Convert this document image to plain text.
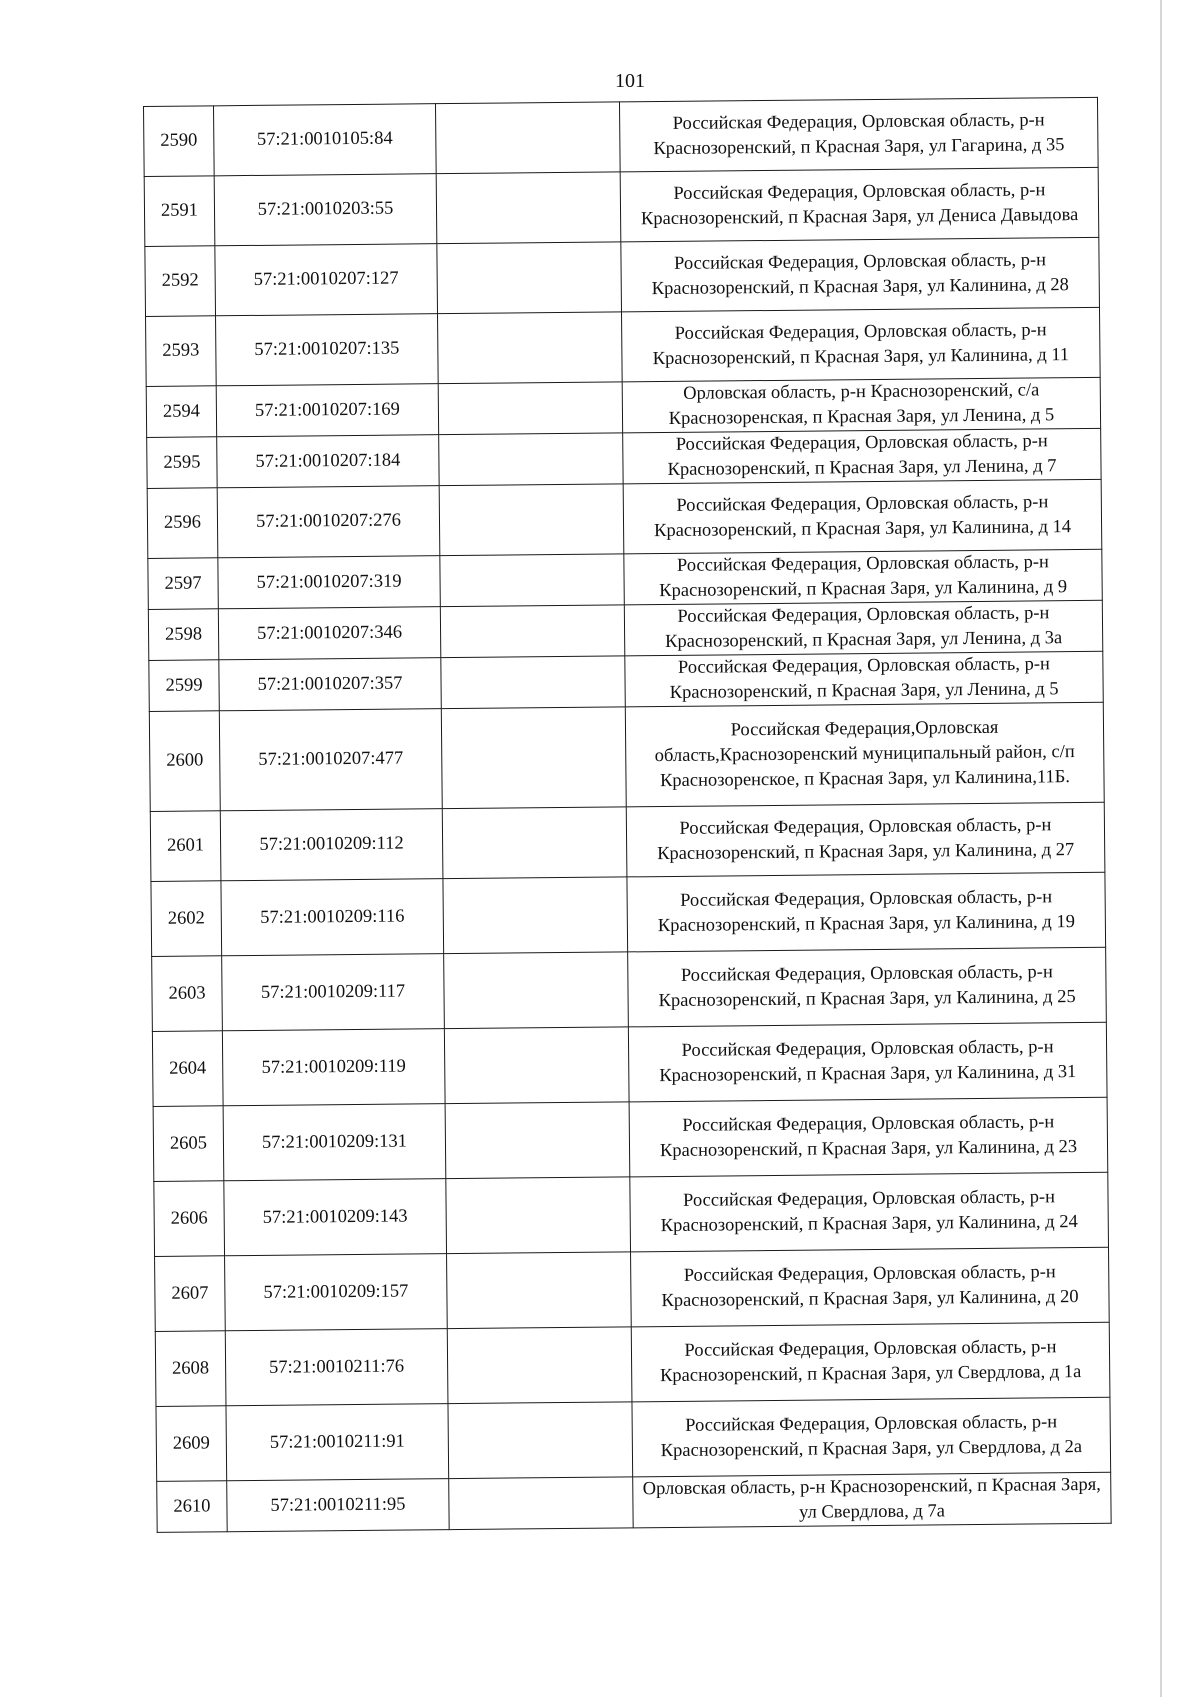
101
2590	57:21:0010105:84		Российская Федерация, Орловская область, р-н Краснозоренский, п Красная Заря, ул Гагарина, д 35
2591	57:21:0010203:55		Российская Федерация, Орловская область, р-н Краснозоренский, п Красная Заря, ул Дениса Давыдова
2592	57:21:0010207:127		Российская Федерация, Орловская область, р-н Краснозоренский, п Красная Заря, ул Калинина, д 28
2593	57:21:0010207:135		Российская Федерация, Орловская область, р-н Краснозоренский, п Красная Заря, ул Калинина, д 11
2594	57:21:0010207:169		Орловская область, р-н Краснозоренский, с/а Краснозоренская, п Красная Заря, ул Ленина, д 5
2595	57:21:0010207:184		Российская Федерация, Орловская область, р-н Краснозоренский, п Красная Заря, ул Ленина, д 7
2596	57:21:0010207:276		Российская Федерация, Орловская область, р-н Краснозоренский, п Красная Заря, ул Калинина, д 14
2597	57:21:0010207:319		Российская Федерация, Орловская область, р-н Краснозоренский, п Красная Заря, ул Калинина, д 9
2598	57:21:0010207:346		Российская Федерация, Орловская область, р-н Краснозоренский, п Красная Заря, ул Ленина, д 3а
2599	57:21:0010207:357		Российская Федерация, Орловская область, р-н Краснозоренский, п Красная Заря, ул Ленина, д 5
2600	57:21:0010207:477		Российская Федерация,Орловская область,Краснозоренский муниципальный район, с/п Краснозоренское, п Красная Заря, ул Калинина,11Б.
2601	57:21:0010209:112		Российская Федерация, Орловская область, р-н Краснозоренский, п Красная Заря, ул Калинина, д 27
2602	57:21:0010209:116		Российская Федерация, Орловская область, р-н Краснозоренский, п Красная Заря, ул Калинина, д 19
2603	57:21:0010209:117		Российская Федерация, Орловская область, р-н Краснозоренский, п Красная Заря, ул Калинина, д 25
2604	57:21:0010209:119		Российская Федерация, Орловская область, р-н Краснозоренский, п Красная Заря, ул Калинина, д 31
2605	57:21:0010209:131		Российская Федерация, Орловская область, р-н Краснозоренский, п Красная Заря, ул Калинина, д 23
2606	57:21:0010209:143		Российская Федерация, Орловская область, р-н Краснозоренский, п Красная Заря, ул Калинина, д 24
2607	57:21:0010209:157		Российская Федерация, Орловская область, р-н Краснозоренский, п Красная Заря, ул Калинина, д 20
2608	57:21:0010211:76		Российская Федерация, Орловская область, р-н Краснозоренский, п Красная Заря, ул Свердлова, д 1а
2609	57:21:0010211:91		Российская Федерация, Орловская область, р-н Краснозоренский, п Красная Заря, ул Свердлова, д 2а
2610	57:21:0010211:95		Орловская область, р-н Краснозоренский, п Красная Заря, ул Свердлова, д 7а
